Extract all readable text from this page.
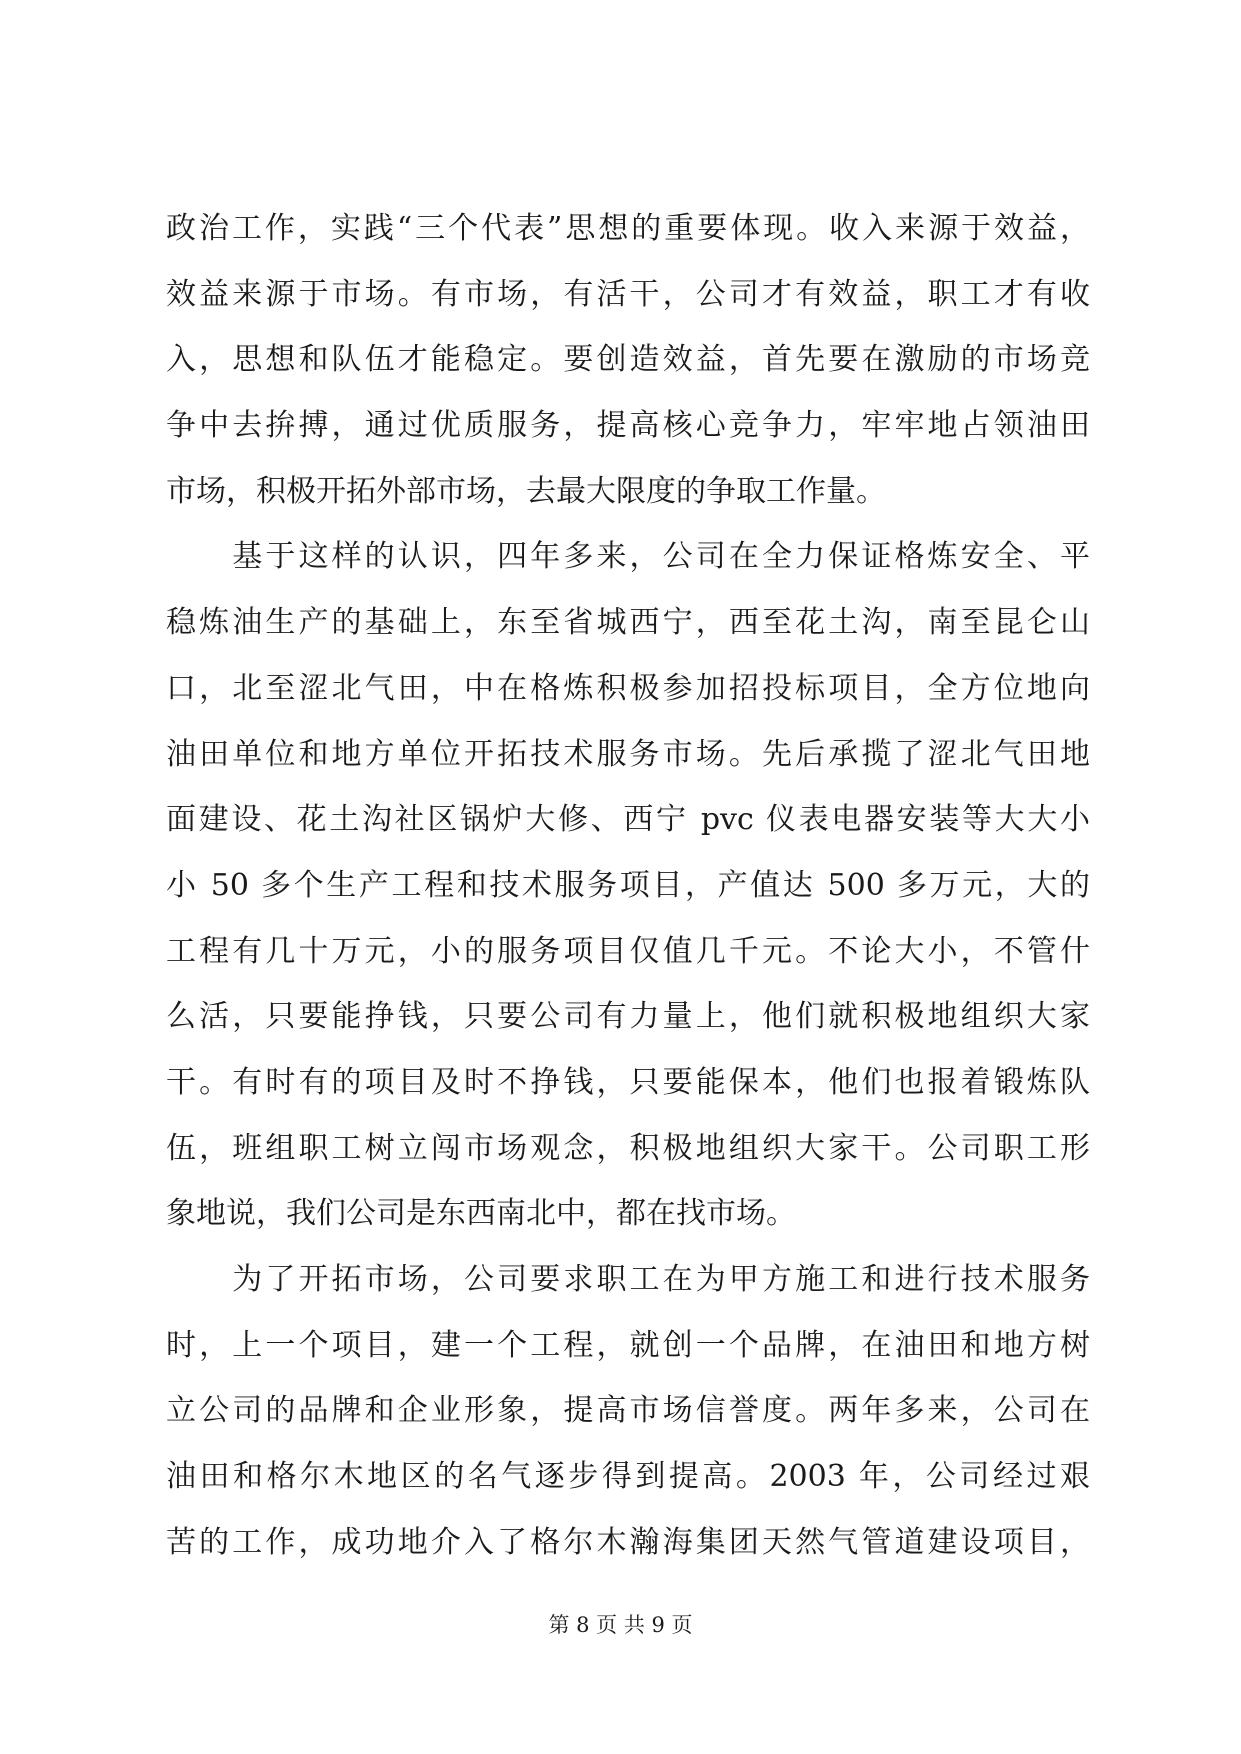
政治工作，实践“三个代表”思想的重要体现。收入来源于效益，
效益来源于市场。有市场，有活干，公司才有效益，职工才有收
入，思想和队伍才能稳定。要创造效益，首先要在激励的市场竞
争中去拚搏，通过优质服务，提高核心竞争力，牢牢地占领油田
市场，积极开拓外部市场，去最大限度的争取工作量。
　　基于这样的认识，四年多来，公司在全力保证格炼安全、平
稳炼油生产的基础上，东至省城西宁，西至花土沟，南至昆仑山
口，北至涩北气田，中在格炼积极参加招投标项目，全方位地向
油田单位和地方单位开拓技术服务市场。先后承揽了涩北气田地
面建设、花土沟社区锅炉大修、西宁 pvc 仪表电器安装等大大小
小 50 多个生产工程和技术服务项目，产值达 500 多万元，大的
工程有几十万元，小的服务项目仅值几千元。不论大小，不管什
么活，只要能挣钱，只要公司有力量上，他们就积极地组织大家
干。有时有的项目及时不挣钱，只要能保本，他们也报着锻炼队
伍，班组职工树立闯市场观念，积极地组织大家干。公司职工形
象地说，我们公司是东西南北中，都在找市场。
　　为了开拓市场，公司要求职工在为甲方施工和进行技术服务
时，上一个项目，建一个工程，就创一个品牌，在油田和地方树
立公司的品牌和企业形象，提高市场信誉度。两年多来，公司在
油田和格尔木地区的名气逐步得到提高。2003 年，公司经过艰
苦的工作，成功地介入了格尔木瀚海集团天然气管道建设项目，
第 8 页 共 9 页
